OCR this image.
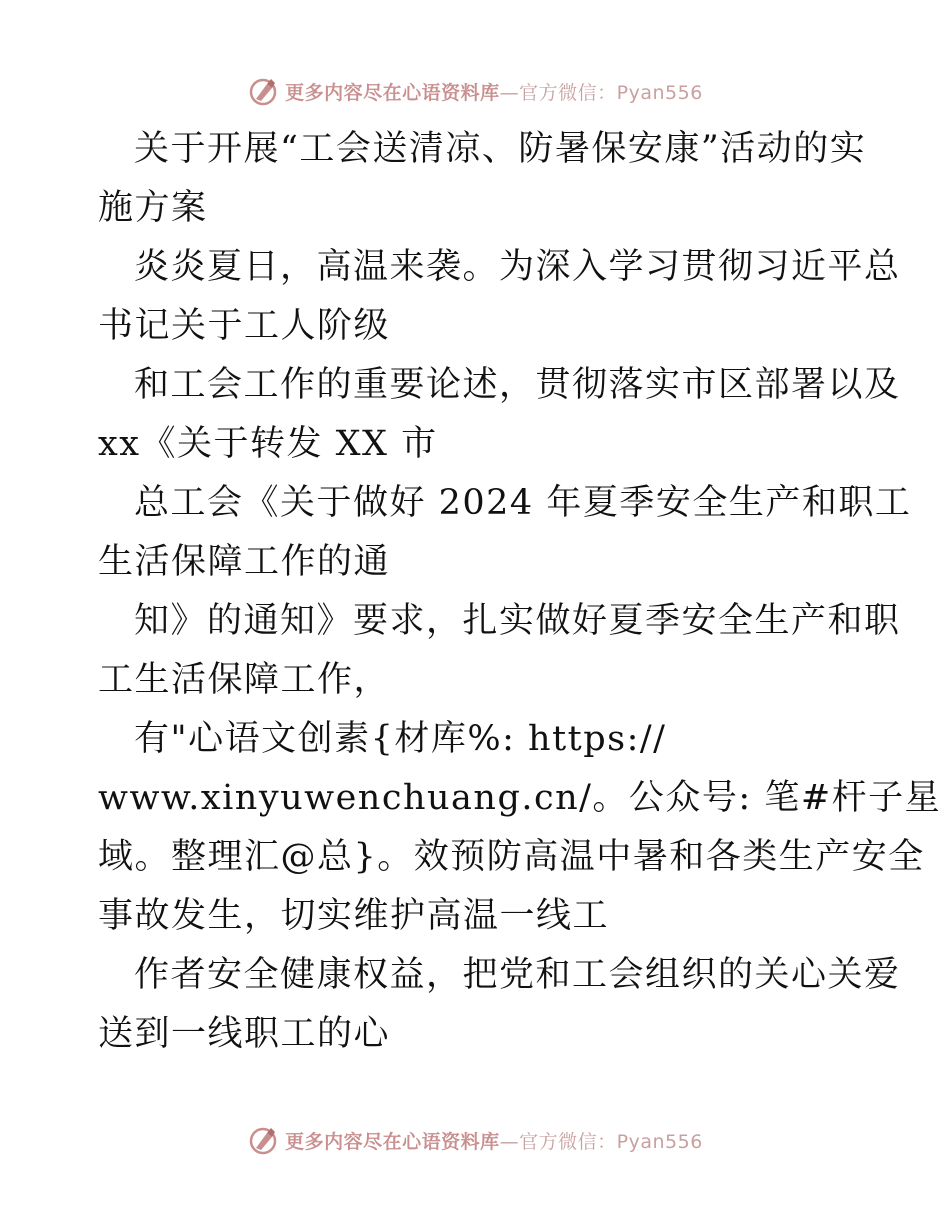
更多内容尽在心语资料库—官方微信：Pyan556
关于开展“工会送清凉、防暑保安康”活动的实
施方案
炎炎夏日，高温来袭。为深入学习贯彻习近平总
书记关于工人阶级
和工会工作的重要论述，贯彻落实市区部署以及
xx《关于转发 XX 市
总工会《关于做好 2024 年夏季安全生产和职工
生活保障工作的通
知》的通知》要求，扎实做好夏季安全生产和职
工生活保障工作，
有"心语文创素{材库%: https://
www.xinyuwenchuang.cn/。公众号: 笔#杆子星
域。整理汇@总}。效预防高温中暑和各类生产安全
事故发生，切实维护高温一线工
作者安全健康权益，把党和工会组织的关心关爱
送到一线职工的心
更多内容尽在心语资料库—官方微信：Pyan556
